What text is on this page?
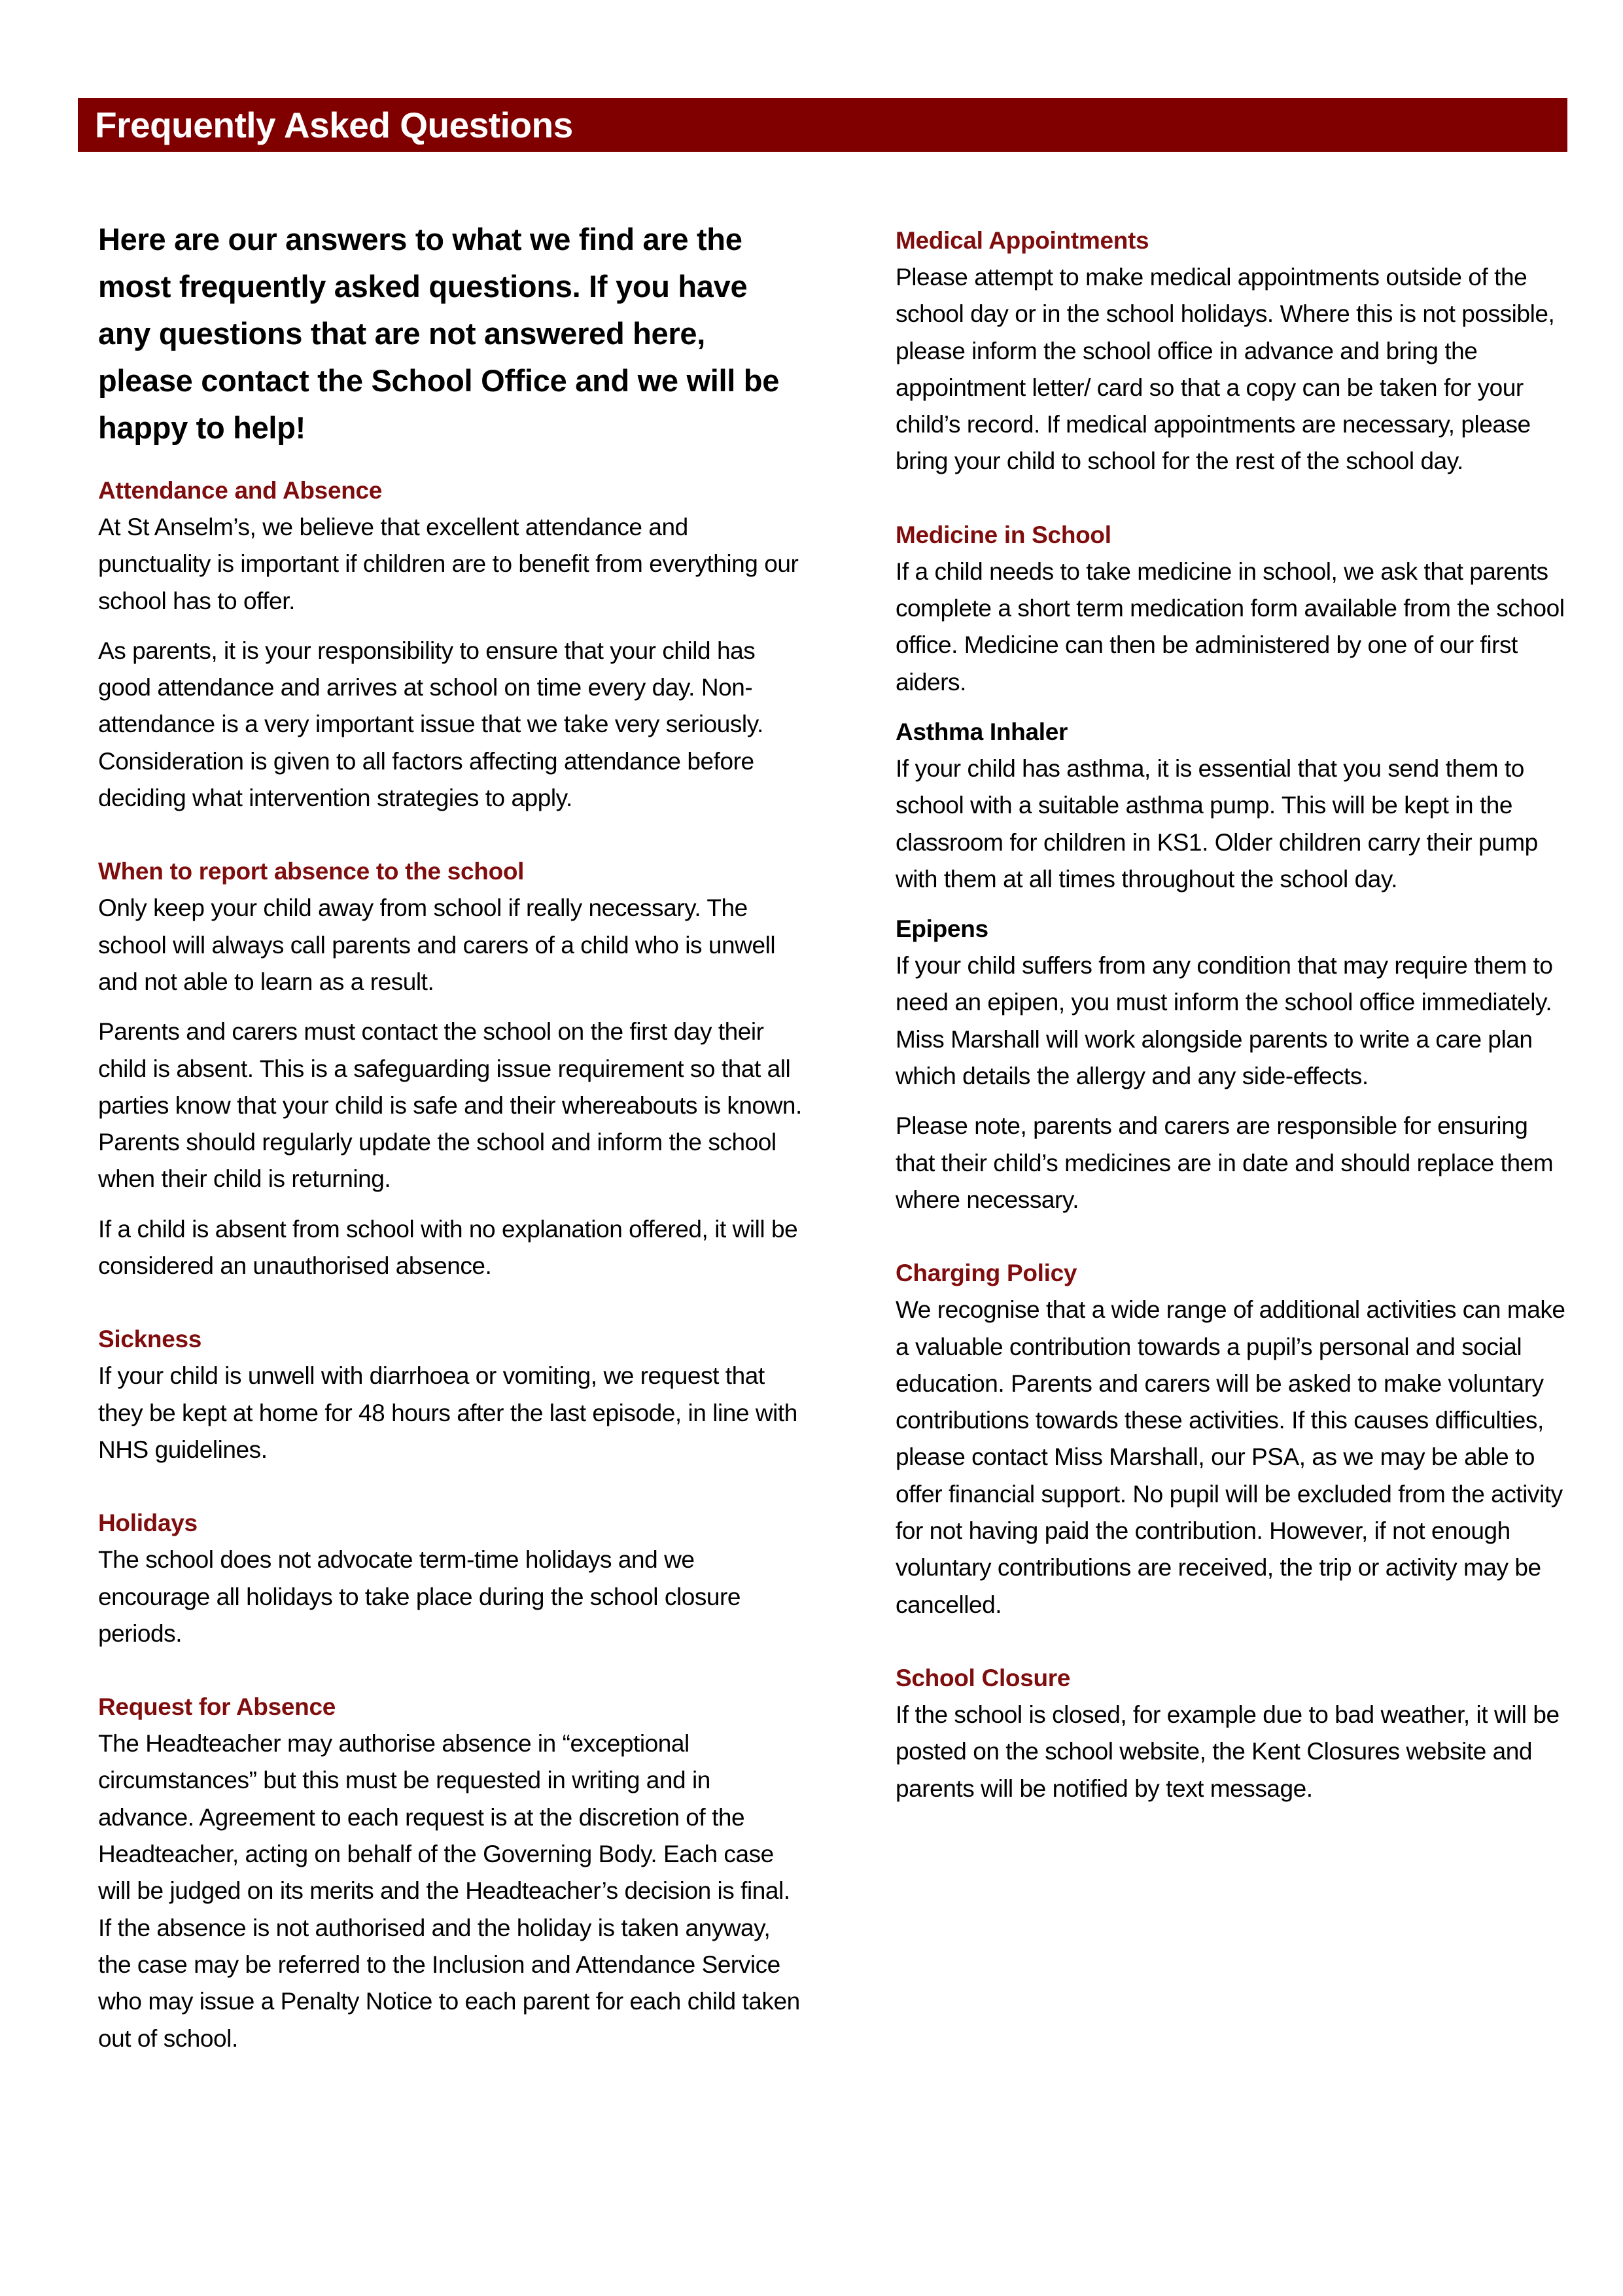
Frequently Asked Questions

Here are our answers to what we find are the most frequently asked questions. If you have any questions that are not answered here, please contact the School Office and we will be happy to help!

Attendance and Absence

At St Anselm’s, we believe that excellent attendance and punctuality is important if children are to benefit from everything our school has to offer.

As parents, it is your responsibility to ensure that your child has good attendance and arrives at school on time every day. Non-attendance is a very important issue that we take very seriously. Consideration is given to all factors affecting attendance before deciding what intervention strategies to apply.

When to report absence to the school

Only keep your child away from school if really necessary. The school will always call parents and carers of a child who is unwell and not able to learn as a result.

Parents and carers must contact the school on the first day their child is absent. This is a safeguarding issue requirement so that all parties know that your child is safe and their whereabouts is known. Parents should regularly update the school and inform the school when their child is returning.

If a child is absent from school with no explanation offered, it will be considered an unauthorised absence.

Sickness

If your child is unwell with diarrhoea or vomiting, we request that they be kept at home for 48 hours after the last episode, in line with NHS guidelines.

Holidays

The school does not advocate term-time holidays and we encourage all holidays to take place during the school closure periods.

Request for Absence

The Headteacher may authorise absence in “exceptional circumstances” but this must be requested in writing and in advance. Agreement to each request is at the discretion of the Headteacher, acting on behalf of the Governing Body. Each case will be judged on its merits and the Headteacher’s decision is final. If the absence is not authorised and the holiday is taken anyway, the case may be referred to the Inclusion and Attendance Service who may issue a Penalty Notice to each parent for each child taken out of school.

Medical Appointments

Please attempt to make medical appointments outside of the school day or in the school holidays. Where this is not possible, please inform the school office in advance and bring the appointment letter/ card so that a copy can be taken for your child’s record. If medical appointments are necessary, please bring your child to school for the rest of the school day.

Medicine in School

If a child needs to take medicine in school, we ask that parents complete a short term medication form available from the school office. Medicine can then be administered by one of our first aiders.

Asthma Inhaler

If your child has asthma, it is essential that you send them to school with a suitable asthma pump. This will be kept in the classroom for children in KS1. Older children carry their pump with them at all times throughout the school day.

Epipens

If your child suffers from any condition that may require them to need an epipen, you must inform the school office immediately. Miss Marshall will work alongside parents to write a care plan which details the allergy and any side-effects.

Please note, parents and carers are responsible for ensuring that their child’s medicines are in date and should replace them where necessary.

Charging Policy

We recognise that a wide range of additional activities can make a valuable contribution towards a pupil’s personal and social education. Parents and carers will be asked to make voluntary contributions towards these activities. If this causes difficulties, please contact Miss Marshall, our PSA, as we may be able to offer financial support. No pupil will be excluded from the activity for not having paid the contribution. However, if not enough voluntary contributions are received, the trip or activity may be cancelled.

School Closure

If the school is closed, for example due to bad weather, it will be posted on the school website, the Kent Closures website and parents will be notified by text message.
